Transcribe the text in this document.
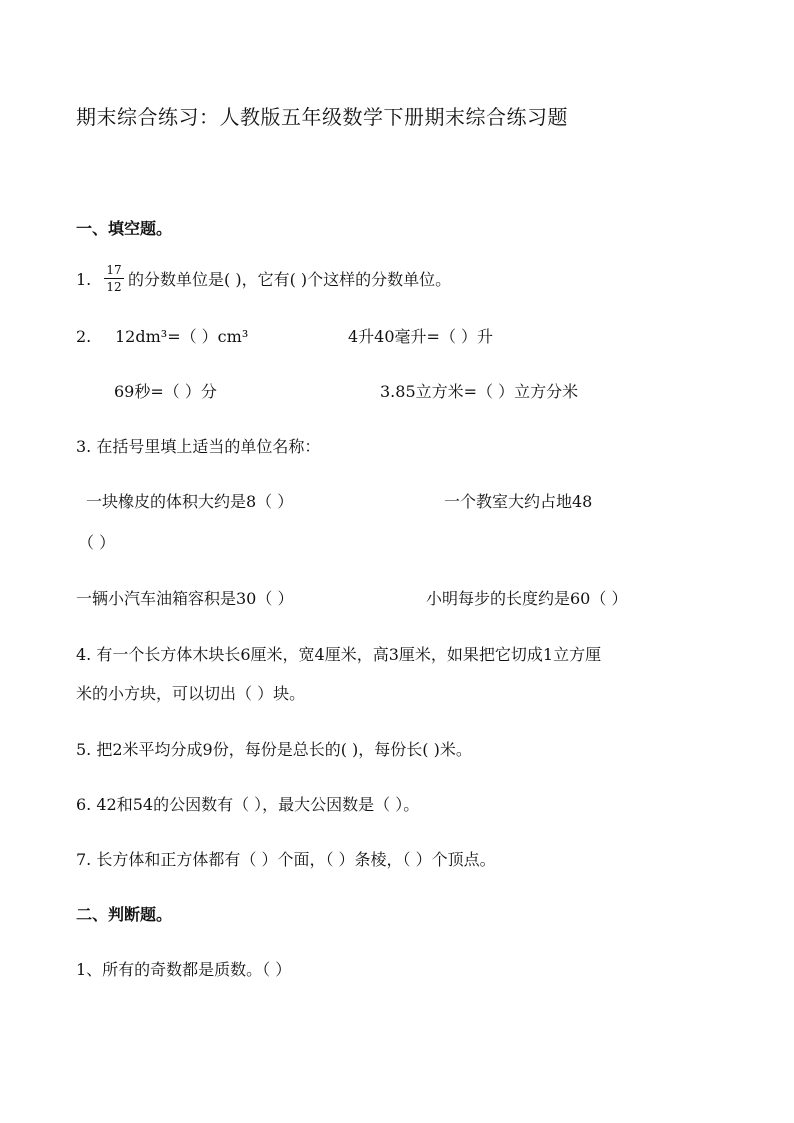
期末综合练习：人教版五年级数学下册期末综合练习题
一、填空题。
1. $\frac{17}{12}$ 的分数单位是( )，它有( )个这样的分数单位。
2. 12dm³=（ ）cm³	4升40毫升=（ ）升
69秒=（ ）分	3.85立方米=（ ）立方分米
3. 在括号里填上适当的单位名称：
一块橡皮的体积大约是8（ ）	一个教室大约占地48
（ ）
一辆小汽车油箱容积是30（ ）	小明每步的长度约是60（ ）
4. 有一个长方体木块长6厘米，宽4厘米，高3厘米，如果把它切成1立方厘
米的小方块，可以切出（ ）块。
5. 把2米平均分成9份，每份是总长的( )，每份长( )米。
6. 42和54的公因数有（ ），最大公因数是（ ）。
7. 长方体和正方体都有（ ）个面，（ ）条棱，（ ）个顶点。
二、判断题。
1、所有的奇数都是质数。（ ）
